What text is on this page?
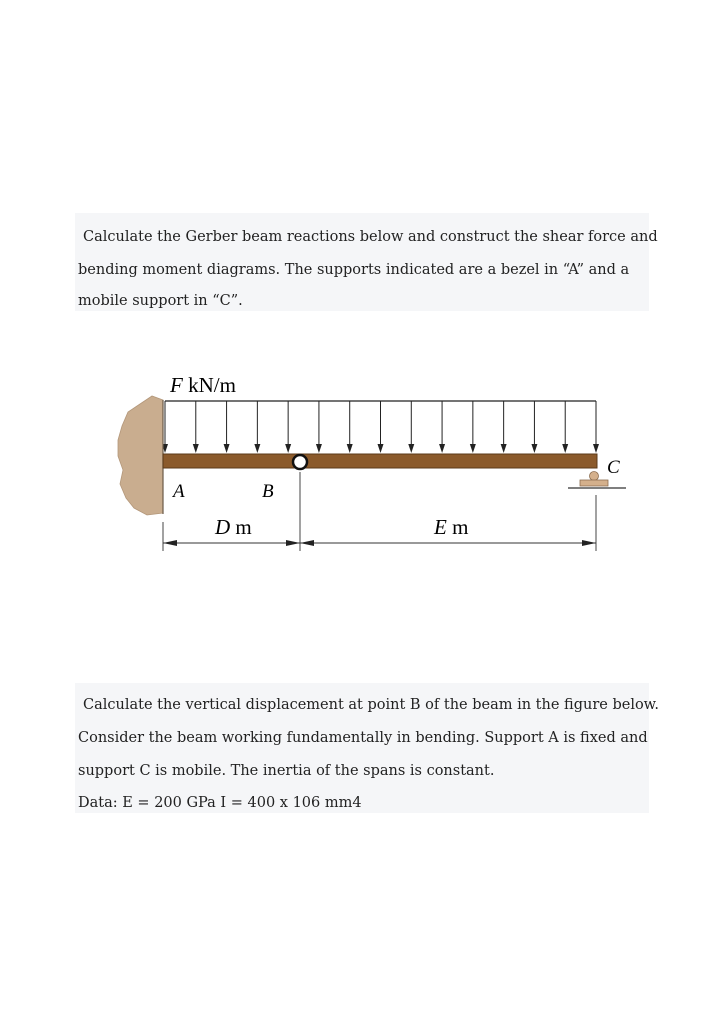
Calculate the Gerber beam reactions below and construct the shear force and
bending moment diagrams. The supports indicated are a bezel in “A” and a
mobile support in “C”.
F kN/m
A	B
C
D m	E m
Calculate the vertical displacement at point B of the beam in the figure below.
Consider the beam working fundamentally in bending. Support A is fixed and
support C is mobile. The inertia of the spans is constant.
Data: E = 200 GPa I = 400 x 106 mm4
